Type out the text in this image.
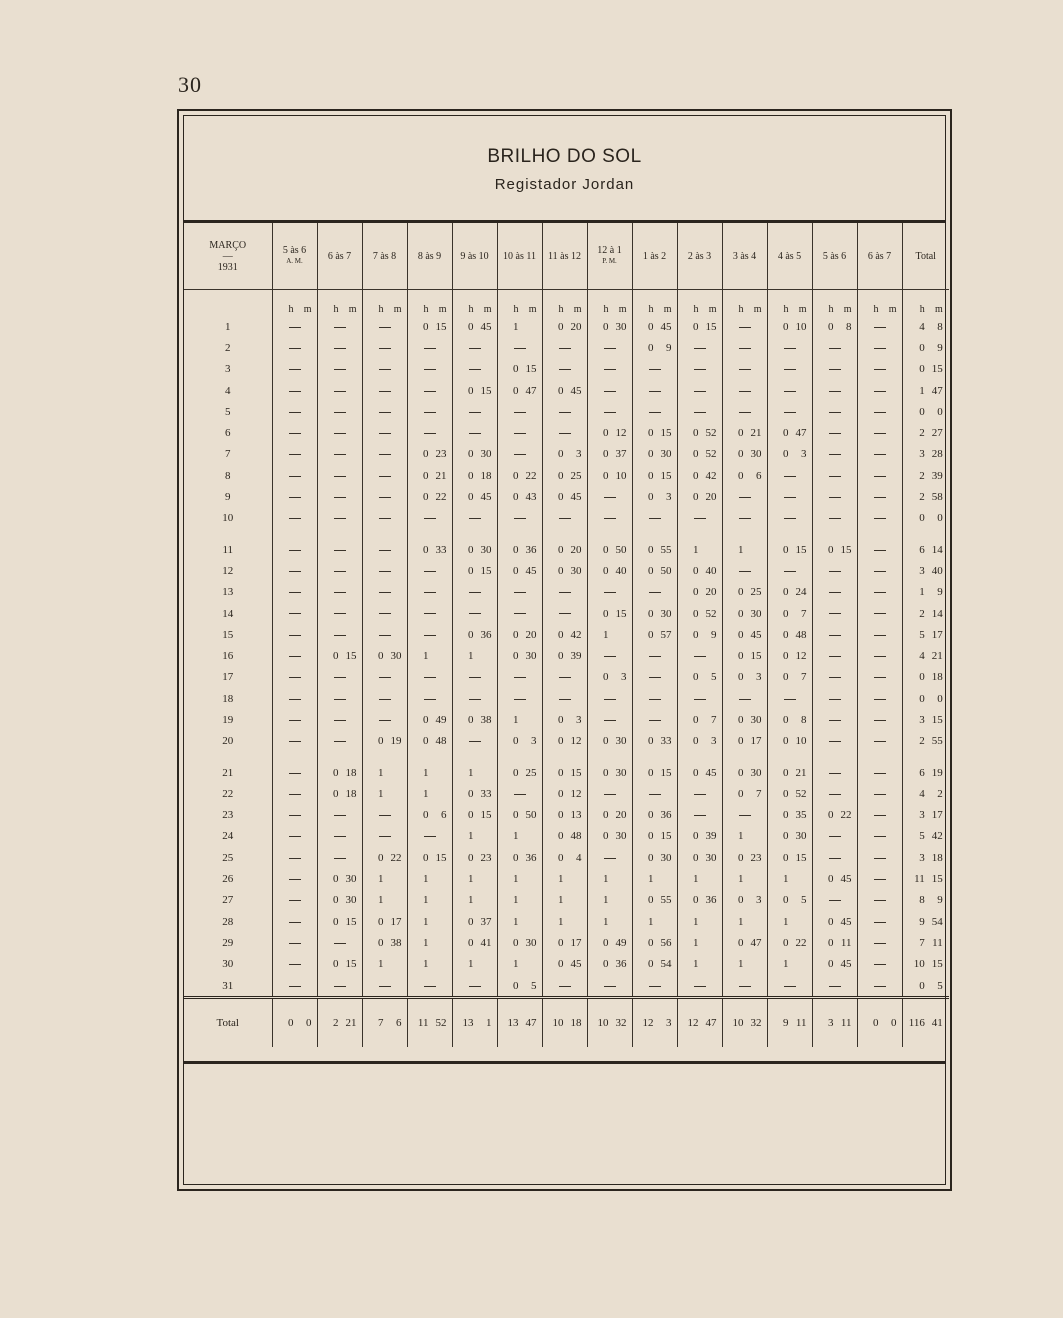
30
BRILHO DO SOL
Registador Jordan
MARÇO
—
1931	5 às 6
A. M.	6 às 7	7 às 8	8 às 9	9 às 10	10 às 11	11 às 12	12 à 1
P. M.	1 às 2	2 às 3	3 às 4	4 às 5	5 às 6	6 às 7	Total
	h m	h m	h m	h m	h m	h m	h m	h m	h m	h m	h m	h m	h m	h m	h m
1				0 15	0 45	1	0 20	0 30	0 45	0 15		0 10	0 8		4 8
2									0 9						0 9
3						0 15									0 15
4					0 15	0 47	0 45								1 47
5															0 0
6								0 12	0 15	0 52	0 21	0 47			2 27
7				0 23	0 30		0 3	0 37	0 30	0 52	0 30	0 3			3 28
8				0 21	0 18	0 22	0 25	0 10	0 15	0 42	0 6				2 39
9				0 22	0 45	0 43	0 45		0 3	0 20					2 58
10															0 0
11				0 33	0 30	0 36	0 20	0 50	0 55	1	1	0 15	0 15		6 14
12					0 15	0 45	0 30	0 40	0 50	0 40					3 40
13										0 20	0 25	0 24			1 9
14								0 15	0 30	0 52	0 30	0 7			2 14
15					0 36	0 20	0 42	1	0 57	0 9	0 45	0 48			5 17
16		0 15	0 30	1	1	0 30	0 39				0 15	0 12			4 21
17								0 3		0 5	0 3	0 7			0 18
18															0 0
19				0 49	0 38	1	0 3			0 7	0 30	0 8			3 15
20			0 19	0 48		0 3	0 12	0 30	0 33	0 3	0 17	0 10			2 55
21		0 18	1	1	1	0 25	0 15	0 30	0 15	0 45	0 30	0 21			6 19
22		0 18	1	1	0 33		0 12				0 7	0 52			4 2
23				0 6	0 15	0 50	0 13	0 20	0 36			0 35	0 22		3 17
24					1	1	0 48	0 30	0 15	0 39	1	0 30			5 42
25			0 22	0 15	0 23	0 36	0 4		0 30	0 30	0 23	0 15			3 18
26		0 30	1	1	1	1	1	1	1	1	1	1	0 45		11 15
27		0 30	1	1	1	1	1	1	0 55	0 36	0 3	0 5			8 9
28		0 15	0 17	1	0 37	1	1	1	1	1	1	1	0 45		9 54
29			0 38	1	0 41	0 30	0 17	0 49	0 56	1	0 47	0 22	0 11		7 11
30		0 15	1	1	1	1	0 45	0 36	0 54	1	1	1	0 45		10 15
31						0 5									0 5
Total	0 0	2 21	7 6	11 52	13 1	13 47	10 18	10 32	12 3	12 47	10 32	9 11	3 11	0 0	116 41
